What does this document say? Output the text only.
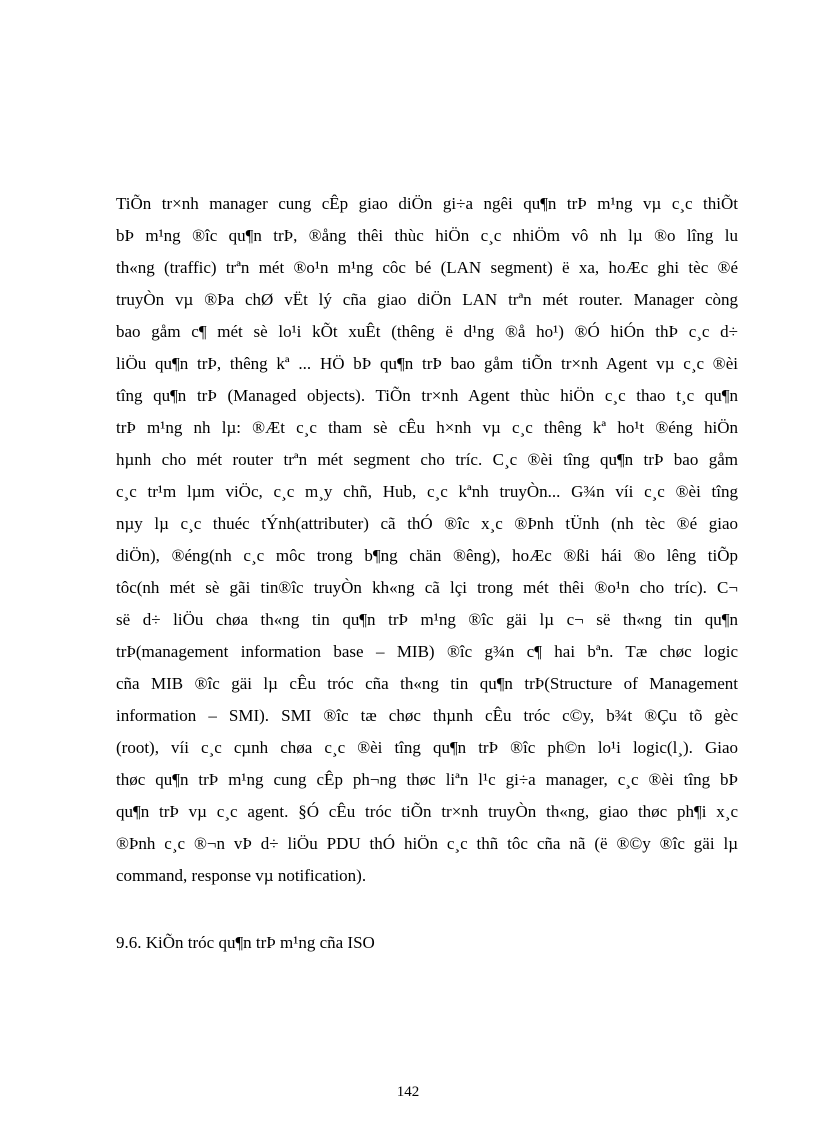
TiÕn tr×nh manager cung cÊp giao diÖn gi÷a ngêi qu¶n trÞ m¹ng vµ c¸c thiÕt
bÞ m¹ng ®îc qu¶n trÞ, ®ång thêi thùc hiÖn c¸c nhiÖm vô nh lµ ®o lîng lu
th«ng (traffic) trªn mét ®o¹n m¹ng côc bé (LAN segment) ë xa, hoÆc ghi tèc ®é
truyÒn vµ ®Þa chØ vËt lý cña giao diÖn LAN trªn mét router. Manager còng
bao gåm c¶ mét sè lo¹i kÕt xuÊt (thêng ë d¹ng ®å ho¹) ®Ó hiÓn thÞ c¸c d÷
liÖu qu¶n trÞ, thêng kª ... HÖ bÞ qu¶n trÞ bao gåm tiÕn tr×nh Agent vµ c¸c ®èi
tîng qu¶n trÞ (Managed objects). TiÕn tr×nh Agent thùc hiÖn c¸c thao t¸c qu¶n
trÞ m¹ng nh lµ: ®Æt c¸c tham sè cÊu h×nh vµ c¸c thêng kª ho¹t ®éng hiÖn
hµnh cho mét router trªn mét segment cho tríc. C¸c ®èi tîng qu¶n trÞ bao gåm
c¸c tr¹m lµm viÖc, c¸c m¸y chñ, Hub, c¸c kªnh truyÒn... G¾n víi c¸c ®èi tîng
nµy lµ c¸c thuéc tÝnh(attributer) cã thÓ ®îc x¸c ®Þnh tÜnh (nh tèc ®é giao
diÖn), ®éng(nh c¸c môc trong b¶ng chän ®êng), hoÆc ®ßi hái ®o lêng tiÕp
tôc(nh mét sè gãi tin®îc truyÒn kh«ng cã lçi trong mét thêi ®o¹n cho tríc). C¬
së d÷ liÖu chøa th«ng tin qu¶n trÞ m¹ng ®îc gäi lµ c¬ së th«ng tin qu¶n
trÞ(management information base – MIB) ®îc g¾n c¶ hai bªn. Tæ chøc logic
cña MIB ®îc gäi lµ cÊu tróc cña th«ng tin qu¶n trÞ(Structure of Management
information – SMI). SMI ®îc tæ chøc thµnh cÊu tróc c©y, b¾t ®Çu tõ gèc
(root), víi c¸c cµnh chøa c¸c ®èi tîng qu¶n trÞ ®îc ph©n lo¹i logic(l¸). Giao
thøc qu¶n trÞ m¹ng cung cÊp ph¬ng thøc liªn l¹c gi÷a manager, c¸c ®èi tîng bÞ
qu¶n trÞ vµ c¸c agent. §Ó cÊu tróc tiÕn tr×nh truyÒn th«ng, giao thøc ph¶i x¸c
®Þnh c¸c ®¬n vÞ d÷ liÖu PDU thÓ hiÖn c¸c thñ tôc cña nã (ë ®©y ®îc gäi lµ
command, response vµ notification).
9.6. KiÕn tróc qu¶n trÞ m¹ng cña ISO
142
